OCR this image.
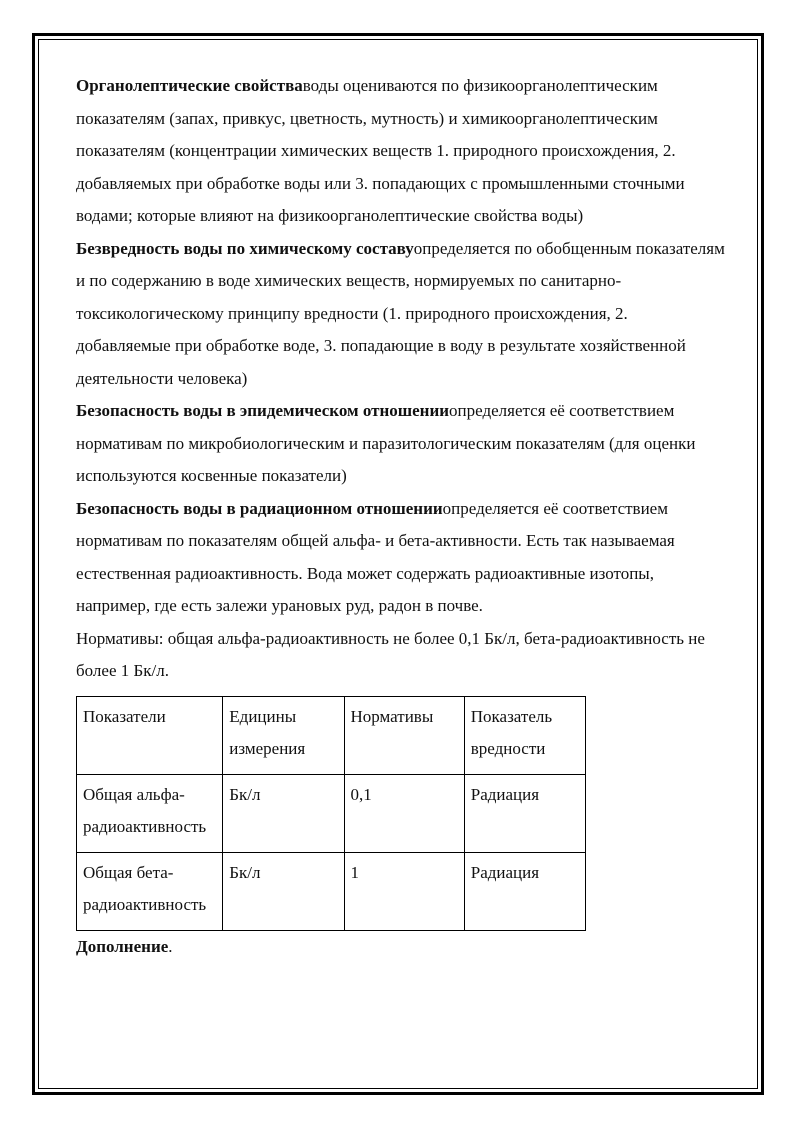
Органолептические свойстваводы оцениваются по физикоорганолептическим показателям (запах, привкус, цветность, мутность) и химикоорганолептическим показателям (концентрации химических веществ 1. природного происхождения, 2. добавляемых при обработке воды или 3. попадающих с промышленными сточными водами; которые влияют на физикоорганолептические свойства воды)

Безвредность воды по химическому составуопределяется по обобщенным показателям и по содержанию в воде химических веществ, нормируемых по санитарно-токсикологическому принципу вредности (1. природного происхождения, 2. добавляемые при обработке воде, 3. попадающие в воду в результате хозяйственной деятельности человека)

Безопасность воды в эпидемическом отношенииопределяется её соответствием нормативам по микробиологическим и паразитологическим показателям (для оценки используются косвенные показатели)

Безопасность воды в радиационном отношенииопределяется её соответствием нормативам по показателям общей альфа- и бета-активности. Есть так называемая естественная радиоактивность. Вода может содержать радиоактивные изотопы, например, где есть залежи урановых руд, радон в почве.

Нормативы: общая альфа-радиоактивность не более 0,1 Бк/л, бета-радиоактивность не более 1 Бк/л.

Показатели	Едицины измерения	Нормативы	Показатель вредности
Общая альфа-радиоактивность	Бк/л	0,1	Радиация
Общая бета-радиоактивность	Бк/л	1	Радиация

Дополнение.
